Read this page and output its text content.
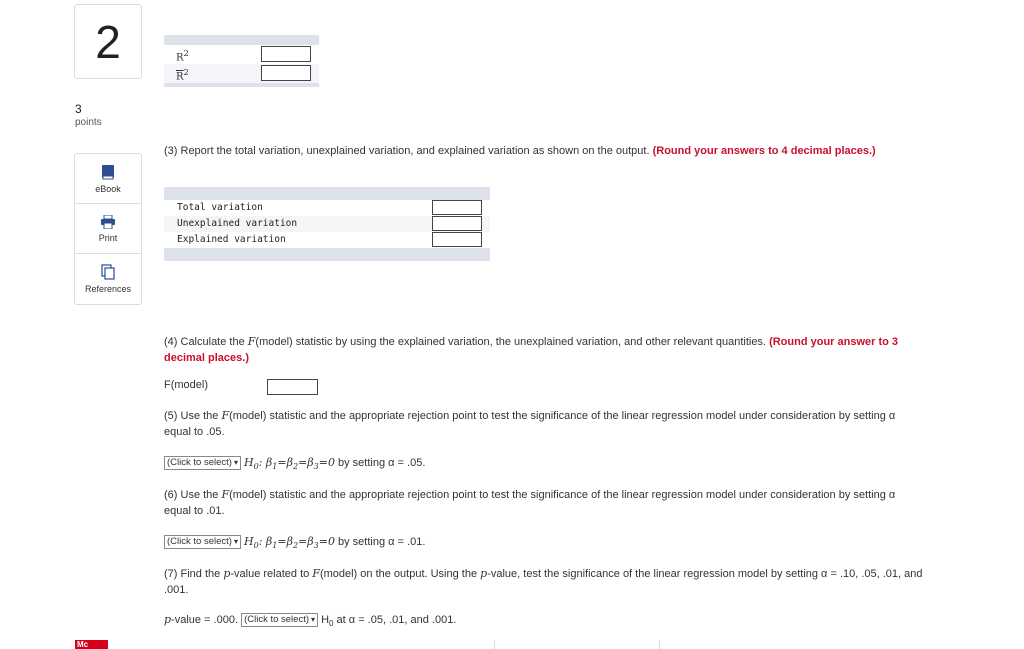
2
3
points
eBook
Print
References
$R^2$
$\overline{R}^2$
(3) Report the total variation, unexplained variation, and explained variation as shown on the output. (Round your answers to 4 decimal places.)
Total variation
Unexplained variation
Explained variation
(4) Calculate the F(model) statistic by using the explained variation, the unexplained variation, and other relevant quantities. (Round your answer to 3 decimal places.)
F(model)
(5) Use the F(model) statistic and the appropriate rejection point to test the significance of the linear regression model under consideration by setting α equal to .05.
(Click to select) ▾ $H_0$: $\beta_1=\beta_2=\beta_3=0$ by setting α = .05.
(6) Use the F(model) statistic and the appropriate rejection point to test the significance of the linear regression model under consideration by setting α equal to .01.
(Click to select) ▾ $H_0$: $\beta_1=\beta_2=\beta_3=0$ by setting α = .01.
(7) Find the p-value related to F(model) on the output. Using the p-value, test the significance of the linear regression model by setting α = .10, .05, .01, and .001.
p-value = .000. (Click to select) ▾ $H_0$ at α = .05, .01, and .001.
Mc
